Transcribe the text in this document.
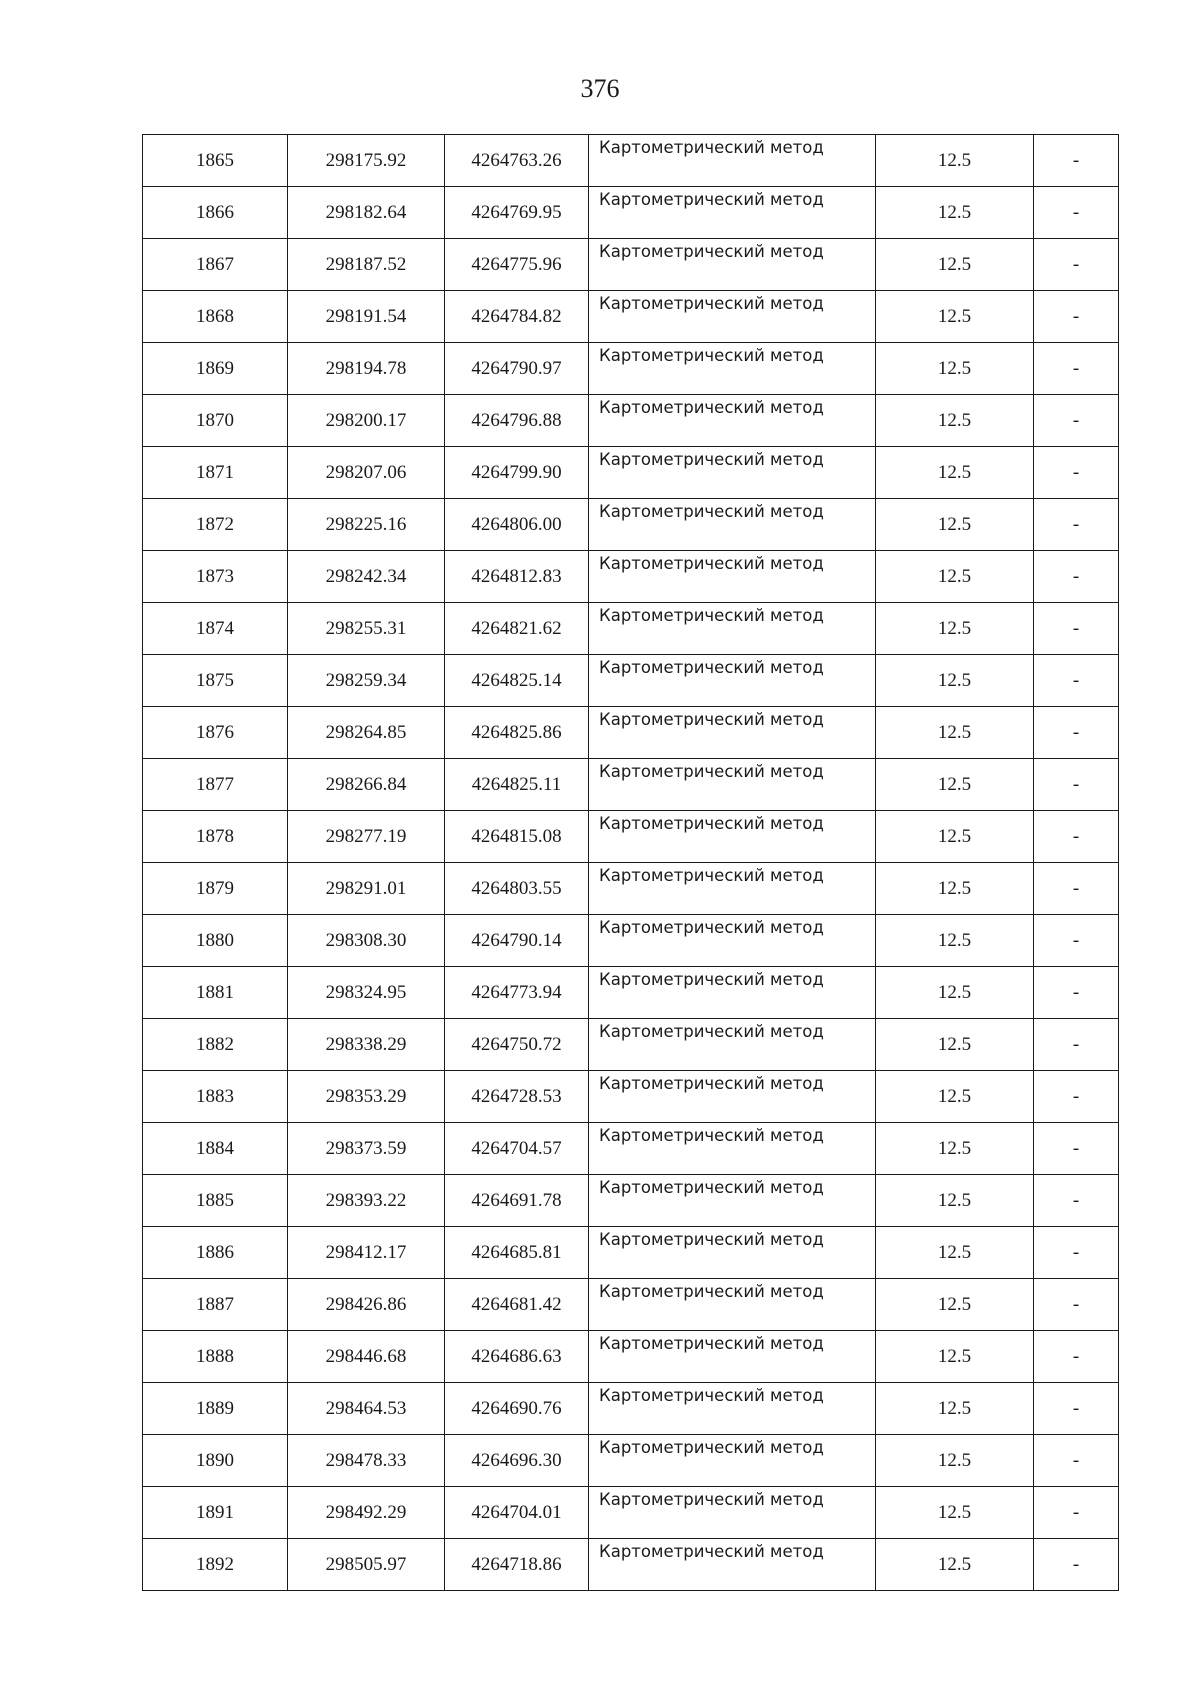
376
1865	298175.92	4264763.26	Картометрический метод	12.5	-
1866	298182.64	4264769.95	Картометрический метод	12.5	-
1867	298187.52	4264775.96	Картометрический метод	12.5	-
1868	298191.54	4264784.82	Картометрический метод	12.5	-
1869	298194.78	4264790.97	Картометрический метод	12.5	-
1870	298200.17	4264796.88	Картометрический метод	12.5	-
1871	298207.06	4264799.90	Картометрический метод	12.5	-
1872	298225.16	4264806.00	Картометрический метод	12.5	-
1873	298242.34	4264812.83	Картометрический метод	12.5	-
1874	298255.31	4264821.62	Картометрический метод	12.5	-
1875	298259.34	4264825.14	Картометрический метод	12.5	-
1876	298264.85	4264825.86	Картометрический метод	12.5	-
1877	298266.84	4264825.11	Картометрический метод	12.5	-
1878	298277.19	4264815.08	Картометрический метод	12.5	-
1879	298291.01	4264803.55	Картометрический метод	12.5	-
1880	298308.30	4264790.14	Картометрический метод	12.5	-
1881	298324.95	4264773.94	Картометрический метод	12.5	-
1882	298338.29	4264750.72	Картометрический метод	12.5	-
1883	298353.29	4264728.53	Картометрический метод	12.5	-
1884	298373.59	4264704.57	Картометрический метод	12.5	-
1885	298393.22	4264691.78	Картометрический метод	12.5	-
1886	298412.17	4264685.81	Картометрический метод	12.5	-
1887	298426.86	4264681.42	Картометрический метод	12.5	-
1888	298446.68	4264686.63	Картометрический метод	12.5	-
1889	298464.53	4264690.76	Картометрический метод	12.5	-
1890	298478.33	4264696.30	Картометрический метод	12.5	-
1891	298492.29	4264704.01	Картометрический метод	12.5	-
1892	298505.97	4264718.86	Картометрический метод	12.5	-
